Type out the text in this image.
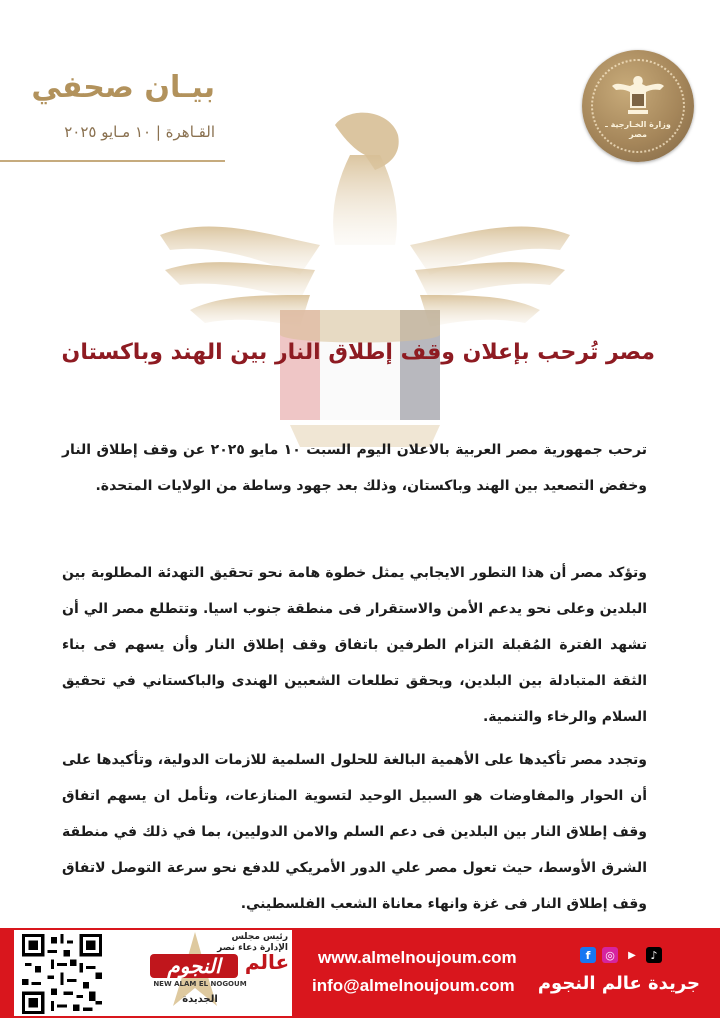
وزارة الخـارجية ـ مصر
بيـان صحفي
القـاهرة | ١٠ مـايو ٢٠٢٥
مصر تُرحب بإعلان وقف إطلاق النار بين الهند وباكستان
ترحب جمهورية مصر العربية بالاعلان اليوم السبت ١٠ مايو ٢٠٢٥ عن وقف إطلاق النار وخفض التصعيد بين الهند وباكستان، وذلك بعد جهود وساطة من الولايات المتحدة.
وتؤكد مصر أن هذا التطور الايجابي يمثل خطوة هامة نحو تحقيق التهدئة المطلوبة بين البلدين وعلى نحو يدعم الأمن والاستقرار فى منطقة جنوب اسيا. وتتطلع مصر الي أن تشهد الفترة المُقبلة التزام الطرفين باتفاق وقف إطلاق النار وأن يسهم فى بناء الثقة المتبادلة بين البلدين، ويحقق تطلعات الشعبين الهندى والباكستاني في تحقيق السلام والرخاء والتنمية.
وتجدد مصر تأكيدها على الأهمية البالغة للحلول السلمية للازمات الدولية، وتأكيدها على أن الحوار والمفاوضات هو السبيل الوحيد لتسوية المنازعات، وتأمل ان يسهم اتفاق وقف إطلاق النار بين البلدين فى دعم السلم والامن الدوليين، بما في ذلك في منطقة الشرق الأوسط، حيث تعول مصر علي الدور الأمريكي للدفع نحو سرعة التوصل لاتفاق وقف إطلاق النار فى غزة وانهاء معاناة الشعب الفلسطيني.
رئيس مجلس الإدارة دعاء نصر
عالم
النجوم
NEW ALAM EL NOGOUM
الجديدة
www.almelnoujoum.com
info@almelnoujoum.com
f	◎	▶	♪
جريدة عالم النجوم
